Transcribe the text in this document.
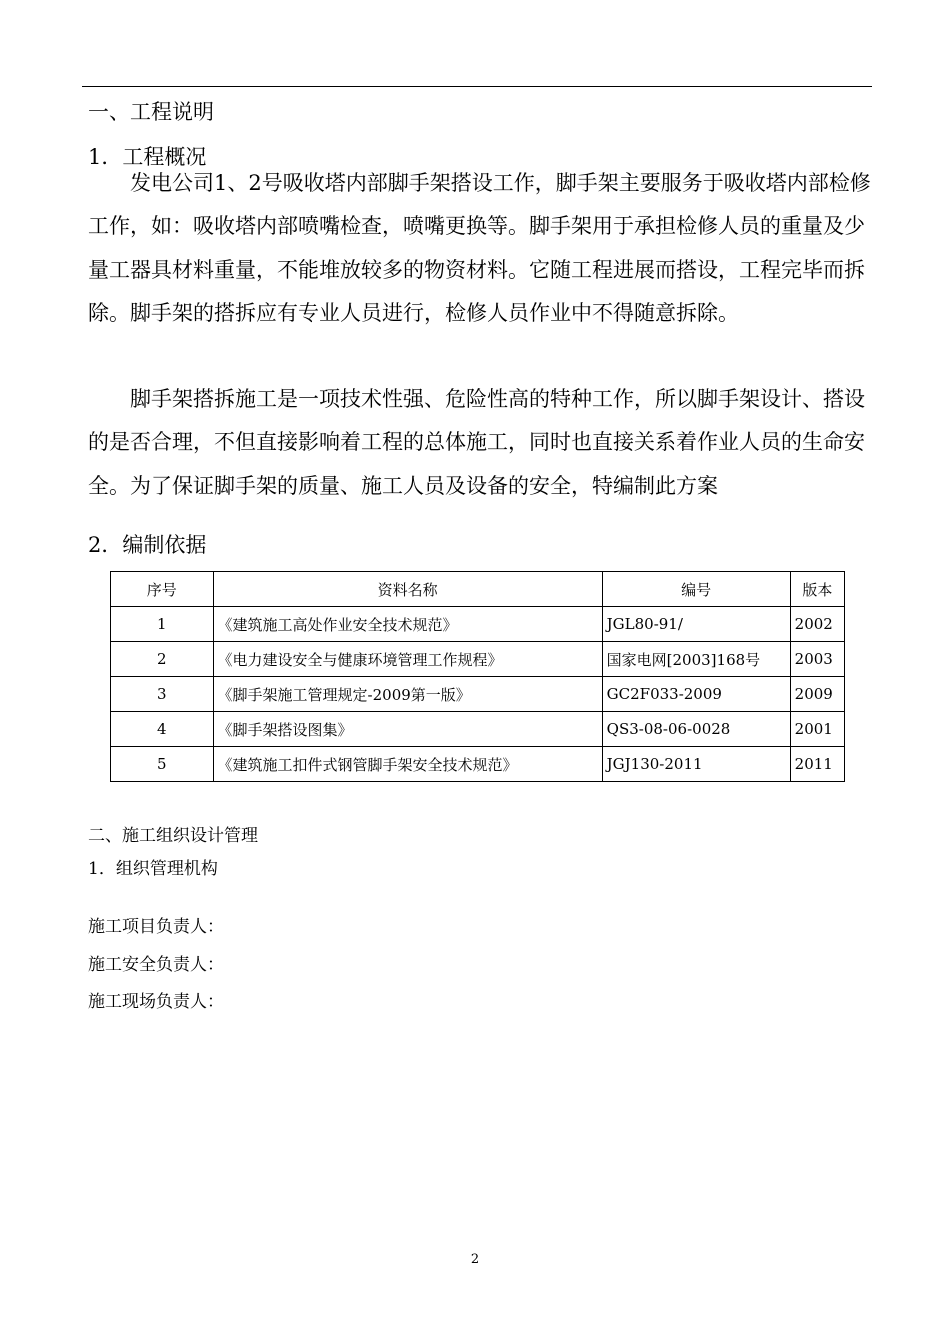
一、工程说明
1．工程概况
发电公司1、2号吸收塔内部脚手架搭设工作，脚手架主要服务于吸收塔内部检修工作，如：吸收塔内部喷嘴检查，喷嘴更换等。脚手架用于承担检修人员的重量及少量工器具材料重量，不能堆放较多的物资材料。它随工程进展而搭设，工程完毕而拆除。脚手架的搭拆应有专业人员进行，检修人员作业中不得随意拆除。
脚手架搭拆施工是一项技术性强、危险性高的特种工作，所以脚手架设计、搭设的是否合理，不但直接影响着工程的总体施工，同时也直接关系着作业人员的生命安全。为了保证脚手架的质量、施工人员及设备的安全，特编制此方案
2．编制依据
序号	资料名称	编号	版本
1	《建筑施工高处作业安全技术规范》	JGL80-91/	2002
2	《电力建设安全与健康环境管理工作规程》	国家电网[2003]168号	2003
3	《脚手架施工管理规定-2009第一版》	GC2F033-2009	2009
4	《脚手架搭设图集》	QS3-08-06-0028	2001
5	《建筑施工扣件式钢管脚手架安全技术规范》	JGJ130-2011	2011
二、施工组织设计管理
1．组织管理机构
施工项目负责人：
施工安全负责人：
施工现场负责人：
2
